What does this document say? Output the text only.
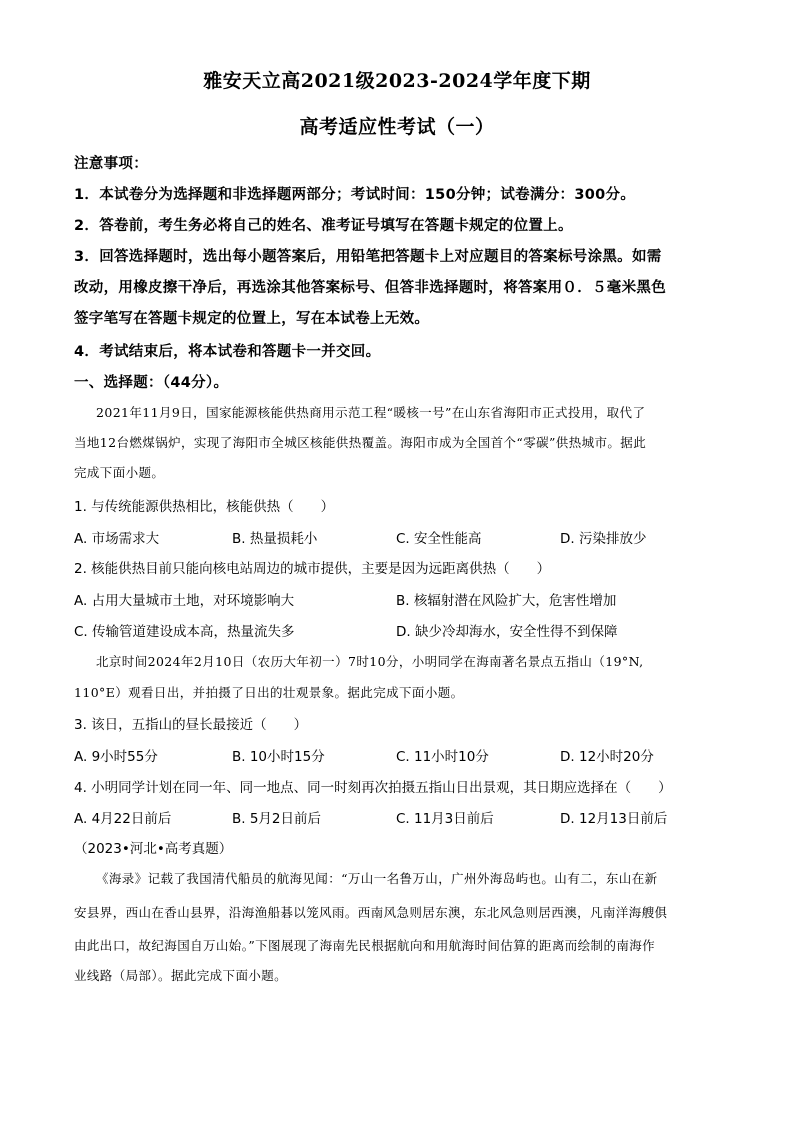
雅安天立高2021级2023-2024学年度下期
高考适应性考试（一）
注意事项：
1．本试卷分为选择题和非选择题两部分；考试时间：150分钟；试卷满分：300分。
2．答卷前，考生务必将自己的姓名、准考证号填写在答题卡规定的位置上。
3．回答选择题时，选出每小题答案后，用铅笔把答题卡上对应题目的答案标号涂黑。如需
改动，用橡皮擦干净后，再选涂其他答案标号、但答非选择题时，将答案用０．５毫米黑色
签字笔写在答题卡规定的位置上，写在本试卷上无效。
4．考试结束后，将本试卷和答题卡一并交回。
一、选择题：（44分）。
2021年11月9日，国家能源核能供热商用示范工程“暖核一号”在山东省海阳市正式投用，取代了
当地12台燃煤锅炉，实现了海阳市全城区核能供热覆盖。海阳市成为全国首个“零碳”供热城市。据此
完成下面小题。
1. 与传统能源供热相比，核能供热（　　）
A. 市场需求大	B. 热量损耗小	C. 安全性能高	D. 污染排放少
2. 核能供热目前只能向核电站周边的城市提供，主要是因为远距离供热（　　）
A. 占用大量城市土地，对环境影响大	B. 核辐射潜在风险扩大，危害性增加
C. 传输管道建设成本高，热量流失多	D. 缺少冷却海水，安全性得不到保障
北京时间2024年2月10日（农历大年初一）7时10分，小明同学在海南著名景点五指山（19°N,
110°E）观看日出，并拍摄了日出的壮观景象。据此完成下面小题。
3. 该日，五指山的昼长最接近（　　）
A. 9小时55分	B. 10小时15分	C. 11小时10分	D. 12小时20分
4. 小明同学计划在同一年、同一地点、同一时刻再次拍摄五指山日出景观，其日期应选择在（　　）
A. 4月22日前后	B. 5月2日前后	C. 11月3日前后	D. 12月13日前后
（2023•河北•高考真题）
《海录》记载了我国清代船员的航海见闻：“万山一名鲁万山，广州外海岛屿也。山有二，东山在新
安县界，西山在香山县界，沿海渔船碁以笼风雨。西南风急则居东澳，东北风急则居西澳，凡南洋海艘俱
由此出口，故纪海国自万山始。”下图展现了海南先民根据航向和用航海时间估算的距离而绘制的南海作
业线路（局部）。据此完成下面小题。
